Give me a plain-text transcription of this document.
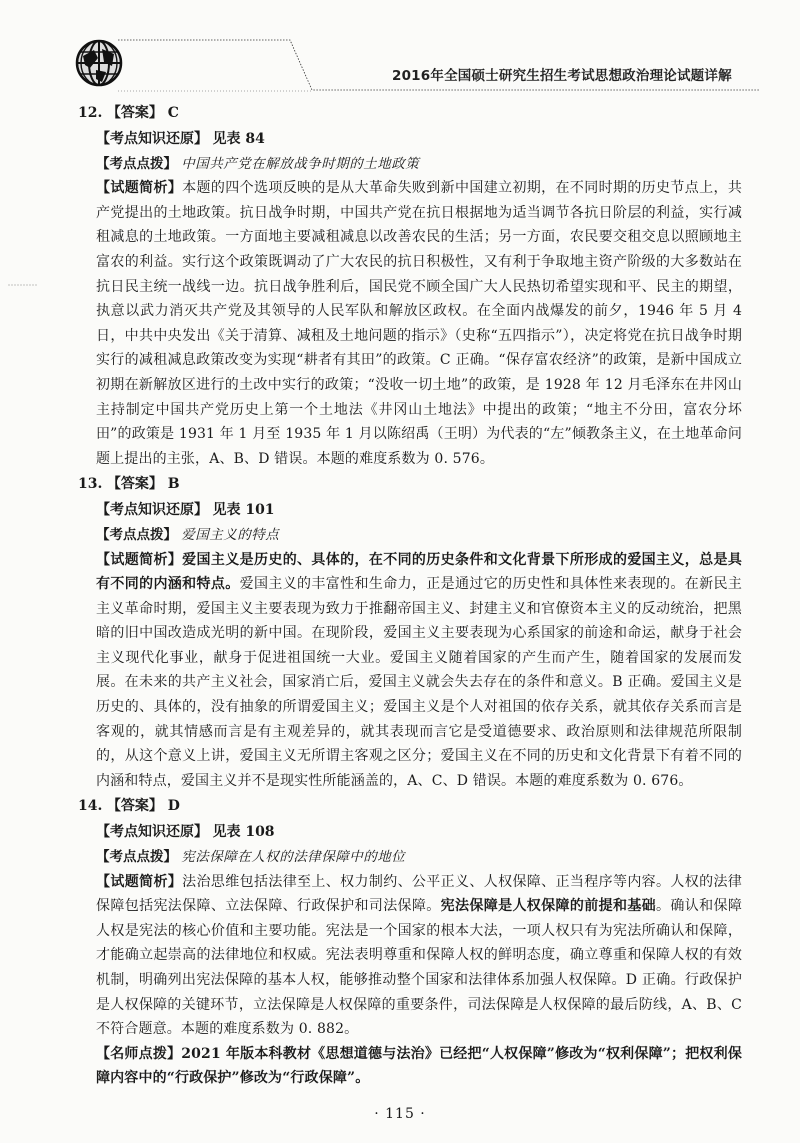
2016年全国硕士研究生招生考试思想政治理论试题详解
12. 【答案】 C
【考点知识还原】 见表 84
【考点点拨】 中国共产党在解放战争时期的土地政策
【试题简析】本题的四个选项反映的是从大革命失败到新中国建立初期，在不同时期的历史节点上，共产党提出的土地政策。抗日战争时期，中国共产党在抗日根据地为适当调节各抗日阶层的利益，实行减租减息的土地政策。一方面地主要减租减息以改善农民的生活；另一方面，农民要交租交息以照顾地主富农的利益。实行这个政策既调动了广大农民的抗日积极性，又有利于争取地主资产阶级的大多数站在抗日民主统一战线一边。抗日战争胜利后，国民党不顾全国广大人民热切希望实现和平、民主的期望，执意以武力消灭共产党及其领导的人民军队和解放区政权。在全面内战爆发的前夕，1946 年 5 月 4 日，中共中央发出《关于清算、减租及土地问题的指示》（史称“五四指示”），决定将党在抗日战争时期实行的减租减息政策改变为实现“耕者有其田”的政策。C 正确。“保存富农经济”的政策，是新中国成立初期在新解放区进行的土改中实行的政策；“没收一切土地”的政策，是 1928 年 12 月毛泽东在井冈山主持制定中国共产党历史上第一个土地法《井冈山土地法》中提出的政策；“地主不分田，富农分坏田”的政策是 1931 年 1 月至 1935 年 1 月以陈绍禹（王明）为代表的“左”倾教条主义，在土地革命问题上提出的主张，A、B、D 错误。本题的难度系数为 0. 576。
13. 【答案】 B
【考点知识还原】 见表 101
【考点点拨】 爱国主义的特点
【试题简析】爱国主义是历史的、具体的，在不同的历史条件和文化背景下所形成的爱国主义，总是具有不同的内涵和特点。爱国主义的丰富性和生命力，正是通过它的历史性和具体性来表现的。在新民主主义革命时期，爱国主义主要表现为致力于推翻帝国主义、封建主义和官僚资本主义的反动统治，把黑暗的旧中国改造成光明的新中国。在现阶段，爱国主义主要表现为心系国家的前途和命运，献身于社会主义现代化事业，献身于促进祖国统一大业。爱国主义随着国家的产生而产生，随着国家的发展而发展。在未来的共产主义社会，国家消亡后，爱国主义就会失去存在的条件和意义。B 正确。爱国主义是历史的、具体的，没有抽象的所谓爱国主义；爱国主义是个人对祖国的依存关系，就其依存关系而言是客观的，就其情感而言是有主观差异的，就其表现而言它是受道德要求、政治原则和法律规范所限制的，从这个意义上讲，爱国主义无所谓主客观之区分；爱国主义在不同的历史和文化背景下有着不同的内涵和特点，爱国主义并不是现实性所能涵盖的，A、C、D 错误。本题的难度系数为 0. 676。
14. 【答案】 D
【考点知识还原】 见表 108
【考点点拨】 宪法保障在人权的法律保障中的地位
【试题简析】法治思维包括法律至上、权力制约、公平正义、人权保障、正当程序等内容。人权的法律保障包括宪法保障、立法保障、行政保护和司法保障。宪法保障是人权保障的前提和基础。确认和保障人权是宪法的核心价值和主要功能。宪法是一个国家的根本大法，一项人权只有为宪法所确认和保障，才能确立起崇高的法律地位和权威。宪法表明尊重和保障人权的鲜明态度，确立尊重和保障人权的有效机制，明确列出宪法保障的基本人权，能够推动整个国家和法律体系加强人权保障。D 正确。行政保护是人权保障的关键环节，立法保障是人权保障的重要条件，司法保障是人权保障的最后防线，A、B、C 不符合题意。本题的难度系数为 0. 882。
【名师点拨】2021 年版本科教材《思想道德与法治》已经把“人权保障”修改为“权利保障”；把权利保障内容中的“行政保护”修改为“行政保障”。
· 115 ·
